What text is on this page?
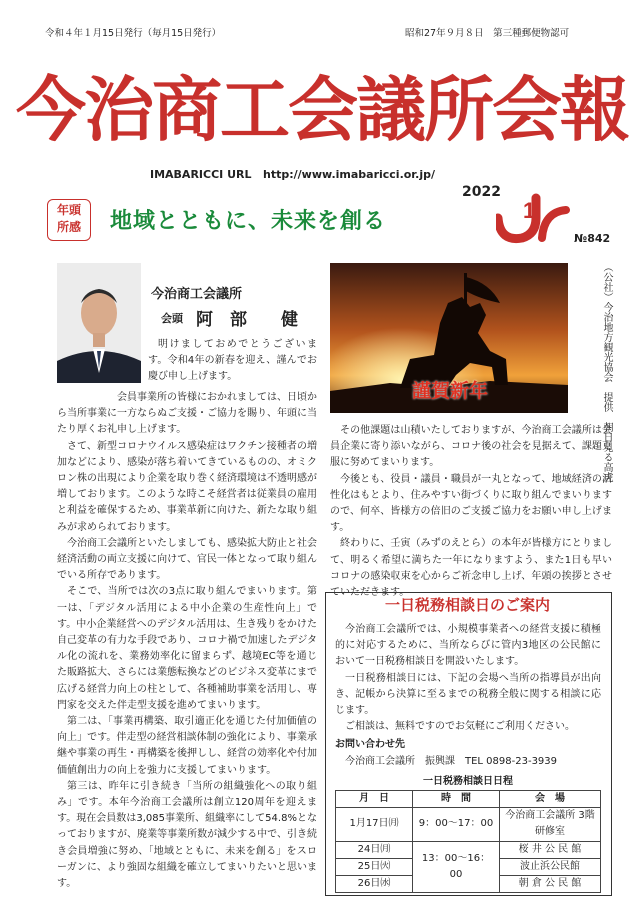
令和４年１月15日発行（毎月15日発行）	昭和27年９月８日　第三種郵便物認可
今治商工会議所会報
IMABARICCI URL http://www.imabaricci.or.jp/
2022
1
№842
年頭
所感	地域とともに、未来を創る
今治商工会議所
会頭 阿　部　　健
明けましておめでとうございます。令和4年の新春を迎え、謹んでお慶び申し上げます。
会員事業所の皆様におかれましては、日頃から当所事業に一方ならぬご支援・ご協力を賜り、年頭に当たり厚くお礼申し上げます。
さて、新型コロナウイルス感染症はワクチン接種者の増加などにより、感染が落ち着いてきているものの、オミクロン株の出現により企業を取り巻く経済環境は不透明感が増しております。このような時こそ経営者は従業員の雇用と利益を確保するため、事業革新に向けた、新たな取り組みが求められております。
今治商工会議所といたしましても、感染拡大防止と社会経済活動の両立支援に向けて、官民一体となって取り組んでいる所存であります。
そこで、当所では次の3点に取り組んでまいります。第一は、「デジタル活用による中小企業の生産性向上」です。中小企業経営へのデジタル活用は、生き残りをかけた自己変革の有力な手段であり、コロナ禍で加速したデジタル化の流れを、業務効率化に留まらず、越境EC等を通じた販路拡大、さらには業態転換などのビジネス変革にまで広げる経営力向上の柱として、各種補助事業を活用し、専門家を交えた伴走型支援を進めてまいります。
第二は、「事業再構築、取引適正化を通じた付加価値の向上」です。伴走型の経営相談体制の強化により、事業承継や事業の再生・再構築を後押しし、経営の効率化や付加価値創出力の向上を強力に支援してまいります。
第三は、昨年に引き続き「当所の組織強化への取り組み」です。本年今治商工会議所は創立120周年を迎えます。現在会員数は3,085事業所、組織率にして54.8%となっておりますが、廃業等事業所数が減少する中で、引き続き会員増強に努め、「地域とともに、未来を創る」をスローガンに、より強固な組織を確立してまいりたいと思います。
謹賀新年	（公社）今治地方観光協会　提供　朝日見る高虎
その他課題は山積いたしておりますが、今治商工会議所は会員企業に寄り添いながら、コロナ後の社会を見据えて、課題克服に努めてまいります。
今後とも、役員・議員・職員が一丸となって、地域経済の活性化はもとより、住みやすい街づくりに取り組んでまいりますので、何卒、皆様方の倍旧のご支援ご協力をお願い申し上げます。
終わりに、壬寅（みずのえとら）の本年が皆様方にとりまして、明るく希望に満ちた一年になりますよう、また1日も早いコロナの感染収束を心からご祈念申し上げ、年頭の挨拶とさせていただきます。
一日税務相談日のご案内
今治商工会議所では、小規模事業者への経営支援に積極的に対応するために、当所ならびに管内3地区の公民館において一日税務相談日を開設いたします。
一日税務相談日には、下記の会場へ当所の指導員が出向き、記帳から決算に至るまでの税務全般に関する相談に応じます。
ご相談は、無料ですのでお気軽にご利用ください。
お問い合わせ先
今治商工会議所　振興課　TEL 0898-23-3939
一日税務相談日日程
月　日	時　間	会　場
1月17日㈪	9：00～17：00	今治商工会議所 3階研修室
24日㈪	13：00～16：00	桜 井 公 民 館
25日㈫		波止浜公民館
26日㈬		朝 倉 公 民 館
